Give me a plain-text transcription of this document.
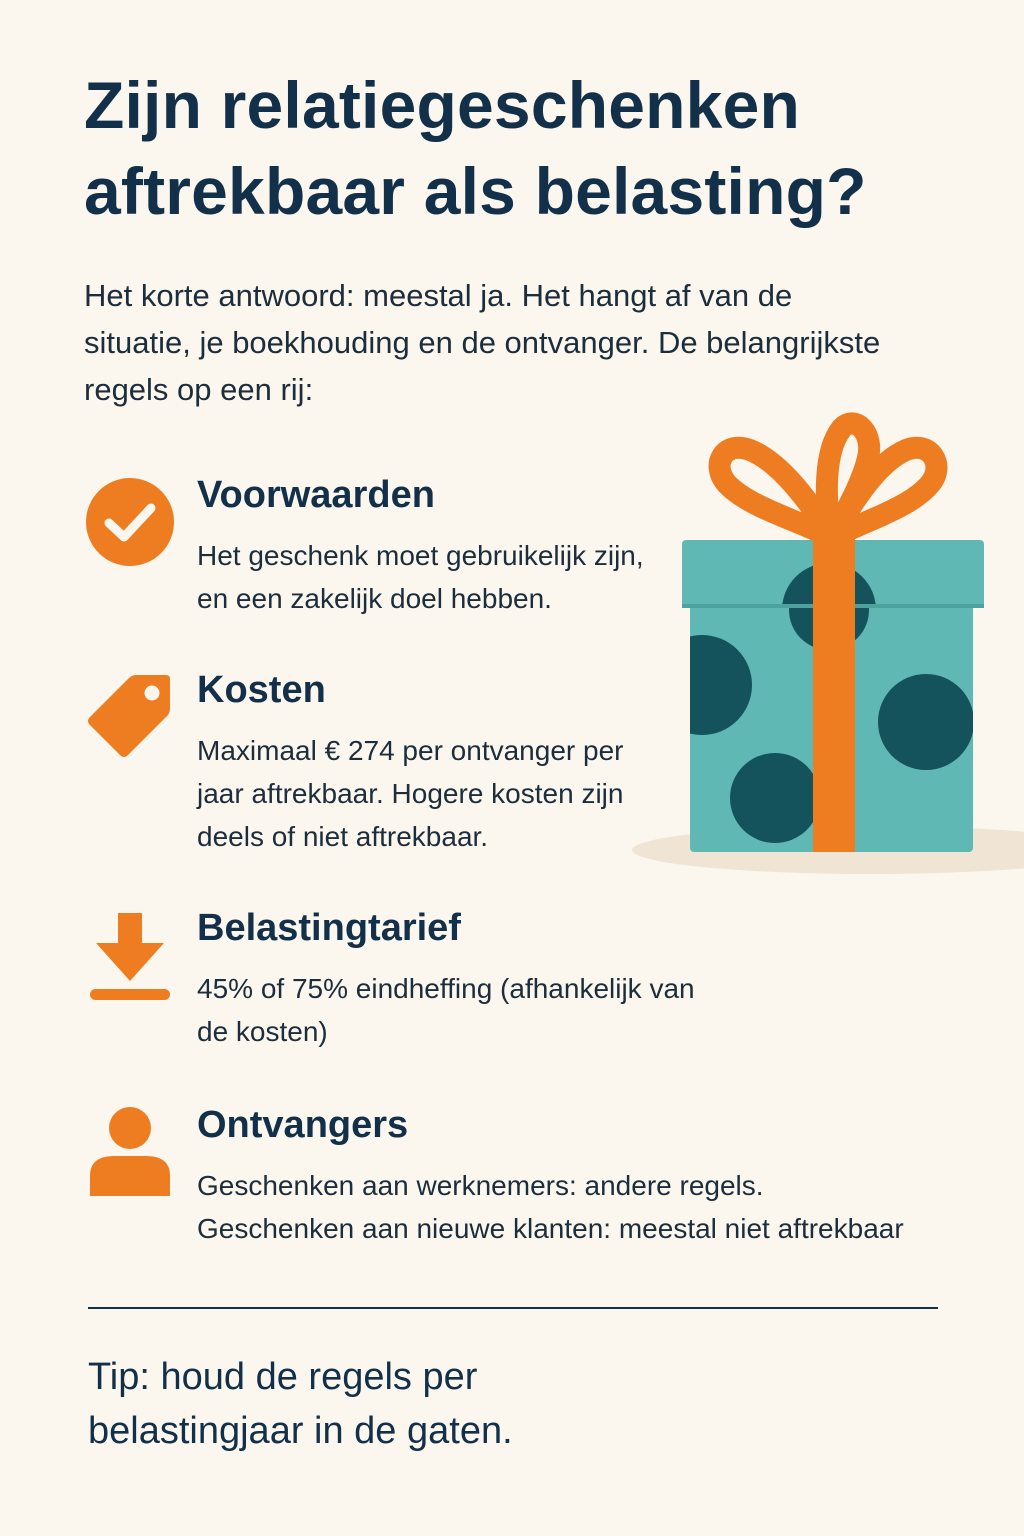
Zijn relatiegeschenken aftrekbaar als belasting?

Het korte antwoord: meestal ja. Het hangt af van de situatie, je boekhouding en de ontvanger. De belangrijkste regels op een rij:

Voorwaarden

Het geschenk moet gebruikelijk zijn, en een zakelijk doel hebben.

Kosten

Maximaal € 274 per ontvanger per jaar aftrekbaar. Hogere kosten zijn deels of niet aftrekbaar.

Belastingtarief

45% of 75% eindheffing (afhankelijk van de kosten)

Ontvangers

Geschenken aan werknemers: andere regels.
Geschenken aan nieuwe klanten: meestal niet aftrekbaar

Tip: houd de regels per belastingjaar in de gaten.
